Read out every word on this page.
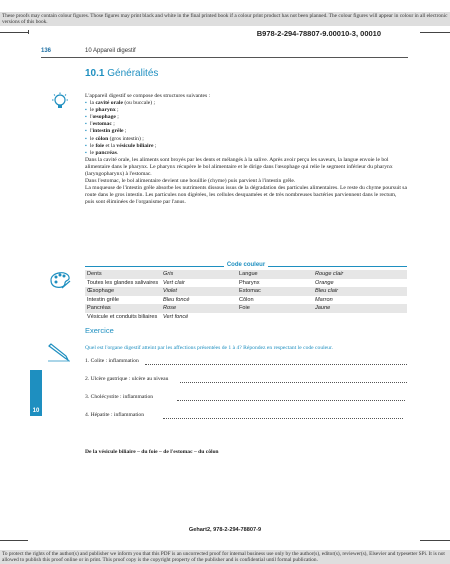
These proofs may contain colour figures. Those figures may print black and white in the final printed book if a colour print product has not been planned. The colour figures will appear in colour in all electronic versions of this book.
B978-2-294-78807-9.00010-3, 00010
136	10 Appareil digestif
10.1 Généralités

L'appareil digestif se compose des structures suivantes :

▪ la cavité orale (ou buccale) ;
▪ le pharynx ;
▪ l'œsophage ;
▪ l'estomac ;
▪ l'intestin grêle ;
▪ le côlon (gros intestin) ;
▪ le foie et la vésicule biliaire ;
▪ le pancréas.

Dans la cavité orale, les aliments sont broyés par les dents et mélangés à la salive. Après avoir perçu les saveurs, la langue envoie le bol alimentaire dans le pharynx. Le pharynx récupère le bol alimentaire et le dirige dans l'œsophage qui relie le segment inférieur du pharynx (laryngopharynx) à l'estomac.

Dans l'estomac, le bol alimentaire devient une bouillie (chyme) puis parvient à l'intestin grêle.

La muqueuse de l'intestin grêle absorbe les nutriments dissous issus de la dégradation des particules alimentaires. Le reste du chyme poursuit sa route dans le gros intestin. Les particules non digérées, les cellules desquamées et de très nombreuses bactéries parviennent dans le rectum, puis sont éliminées de l'organisme par l'anus.

Code couleur
Dents	Gris	Langue	Rouge clair
Toutes les glandes salivaires	Vert clair	Pharynx	Orange
Œsophage	Violet	Estomac	Bleu clair
Intestin grêle	Bleu foncé	Côlon	Marron
Pancréas	Rose	Foie	Jaune
Vésicule et conduits biliaires	Vert foncé		
Exercice
Quel est l'organe digestif atteint par les affections présentées de 1 à 4? Répondez en respectant le code couleur.
1. Colite : inflammation
2. Ulcère gastrique : ulcère au niveau
3. Cholécystite : inflammation
4. Hépatite : inflammation
De la vésicule biliaire – du foie – de l'estomac – du côlon
10
Gehart2, 978-2-294-78807-9
To protect the rights of the author(s) and publisher we inform you that this PDF is an uncorrected proof for internal business use only by the author(s), editor(s), reviewer(s), Elsevier and typesetter SPi. It is not allowed to publish this proof online or in print. This proof copy is the copyright property of the publisher and is confidential until formal publication.
